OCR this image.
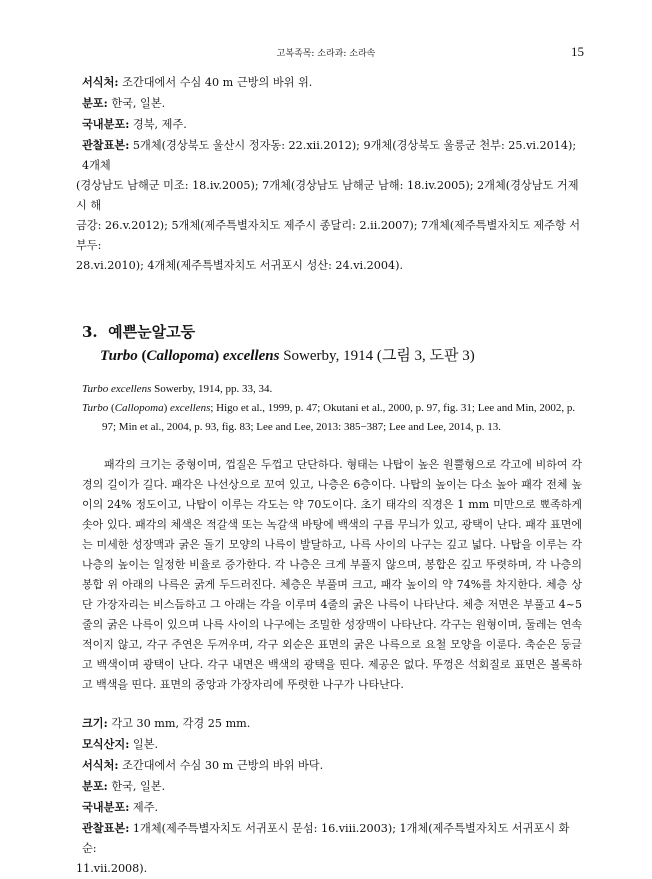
고복족목: 소라과: 소라속	15

서식처: 조간대에서 수심 40 m 근방의 바위 위.

분포: 한국, 일본.

국내분포: 경북, 제주.

관찰표본: 5개체(경상북도 울산시 정자동: 22.xii.2012); 9개체(경상북도 울릉군 천부: 25.vi.2014); 4개체
(경상남도 남해군 미조: 18.iv.2005); 7개체(경상남도 남해군 남해: 18.iv.2005); 2개체(경상남도 거제시 해
금강: 26.v.2012); 5개체(제주특별자치도 제주시 종달리: 2.ii.2007); 7개체(제주특별자치도 제주항 서부두:
28.vi.2010); 4개체(제주특별자치도 서귀포시 성산: 24.vi.2004).
3. 예쁜눈알고둥
Turbo (Callopoma) excellens Sowerby, 1914 (그림 3, 도판 3)

Turbo excellens Sowerby, 1914, pp. 33, 34.

Turbo (Callopoma) excellens; Higo et al., 1999, p. 47; Okutani et al., 2000, p. 97, fig. 31; Lee and Min, 2002, p. 97; Min et al., 2004, p. 93, fig. 83; Lee and Lee, 2013: 385−387; Lee and Lee, 2014, p. 13.

패각의 크기는 중형이며, 껍질은 두껍고 단단하다. 형태는 나탑이 높은 원뿔형으로 각고에 비하여 각경의 길이가 길다. 패각은 나선상으로 꼬여 있고, 나층은 6층이다. 나탑의 높이는 다소 높아 패각 전체 높이의 24% 정도이고, 나탑이 이루는 각도는 약 70도이다. 초기 태각의 직경은 1 mm 미만으로 뾰족하게 솟아 있다. 패각의 체색은 적갈색 또는 녹갈색 바탕에 백색의 구름 무늬가 있고, 광택이 난다. 패각 표면에는 미세한 성장맥과 굵은 돌기 모양의 나륵이 발달하고, 나륵 사이의 나구는 깊고 넓다. 나탑을 이루는 각 나층의 높이는 일정한 비율로 증가한다. 각 나층은 크게 부풀지 않으며, 봉합은 깊고 뚜렷하며, 각 나층의 봉합 위 아래의 나륵은 굵게 두드러진다. 체층은 부풀며 크고, 패각 높이의 약 74%를 차지한다. 체층 상단 가장자리는 비스듬하고 그 아래는 각을 이루며 4줄의 굵은 나륵이 나타난다. 체층 저면은 부풀고 4~5줄의 굵은 나륵이 있으며 나륵 사이의 나구에는 조밀한 성장맥이 나타난다. 각구는 원형이며, 둘레는 연속적이지 않고, 각구 주연은 두꺼우며, 각구 외순은 표면의 굵은 나륵으로 요철 모양을 이룬다. 축순은 둥글고 백색이며 광택이 난다. 각구 내면은 백색의 광택을 띤다. 제공은 없다. 뚜껑은 석회질로 표면은 볼록하고 백색을 띤다. 표면의 중앙과 가장자리에 뚜렷한 나구가 나타난다.

크기: 각고 30 mm, 각경 25 mm.

모식산지: 일본.

서식처: 조간대에서 수심 30 m 근방의 바위 바닥.

분포: 한국, 일본.

국내분포: 제주.

관찰표본: 1개체(제주특별자치도 서귀포시 문섬: 16.viii.2003); 1개체(제주특별자치도 서귀포시 화순:
11.vii.2008).
